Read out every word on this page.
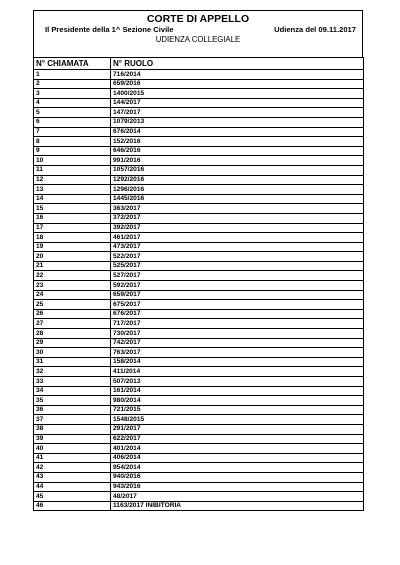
CORTE DI APPELLO
Il Presidente della 1^ Sezione Civile	Udienza del 09.11.2017
UDIENZA COLLEGIALE
N° CHIAMATA	N° RUOLO
1	716/2014
2	659/2016
3	1400/2015
4	144/2017
5	147/2017
6	1079/2013
7	676/2014
8	152/2016
9	646/2016
10	991/2016
11	1057/2016
12	1292/2016
13	1296/2016
14	1445/2016
15	363/2017
16	372/2017
17	392/2017
18	461/2017
19	473/2017
20	522/2017
21	525/2017
22	527/2017
23	592/2017
24	659/2017
25	675/2017
26	676/2017
27	717/2017
28	730/2017
29	742/2017
30	763/2017
31	158/2014
32	411/2014
33	507/2013
34	161/2014
35	980/2014
36	721/2015
37	1548/2015
38	291/2017
39	622/2017
40	401/2014
41	406/2014
42	954/2014
43	940/2016
44	943/2016
45	48/2017
46	1163/2017 INIBITORIA
